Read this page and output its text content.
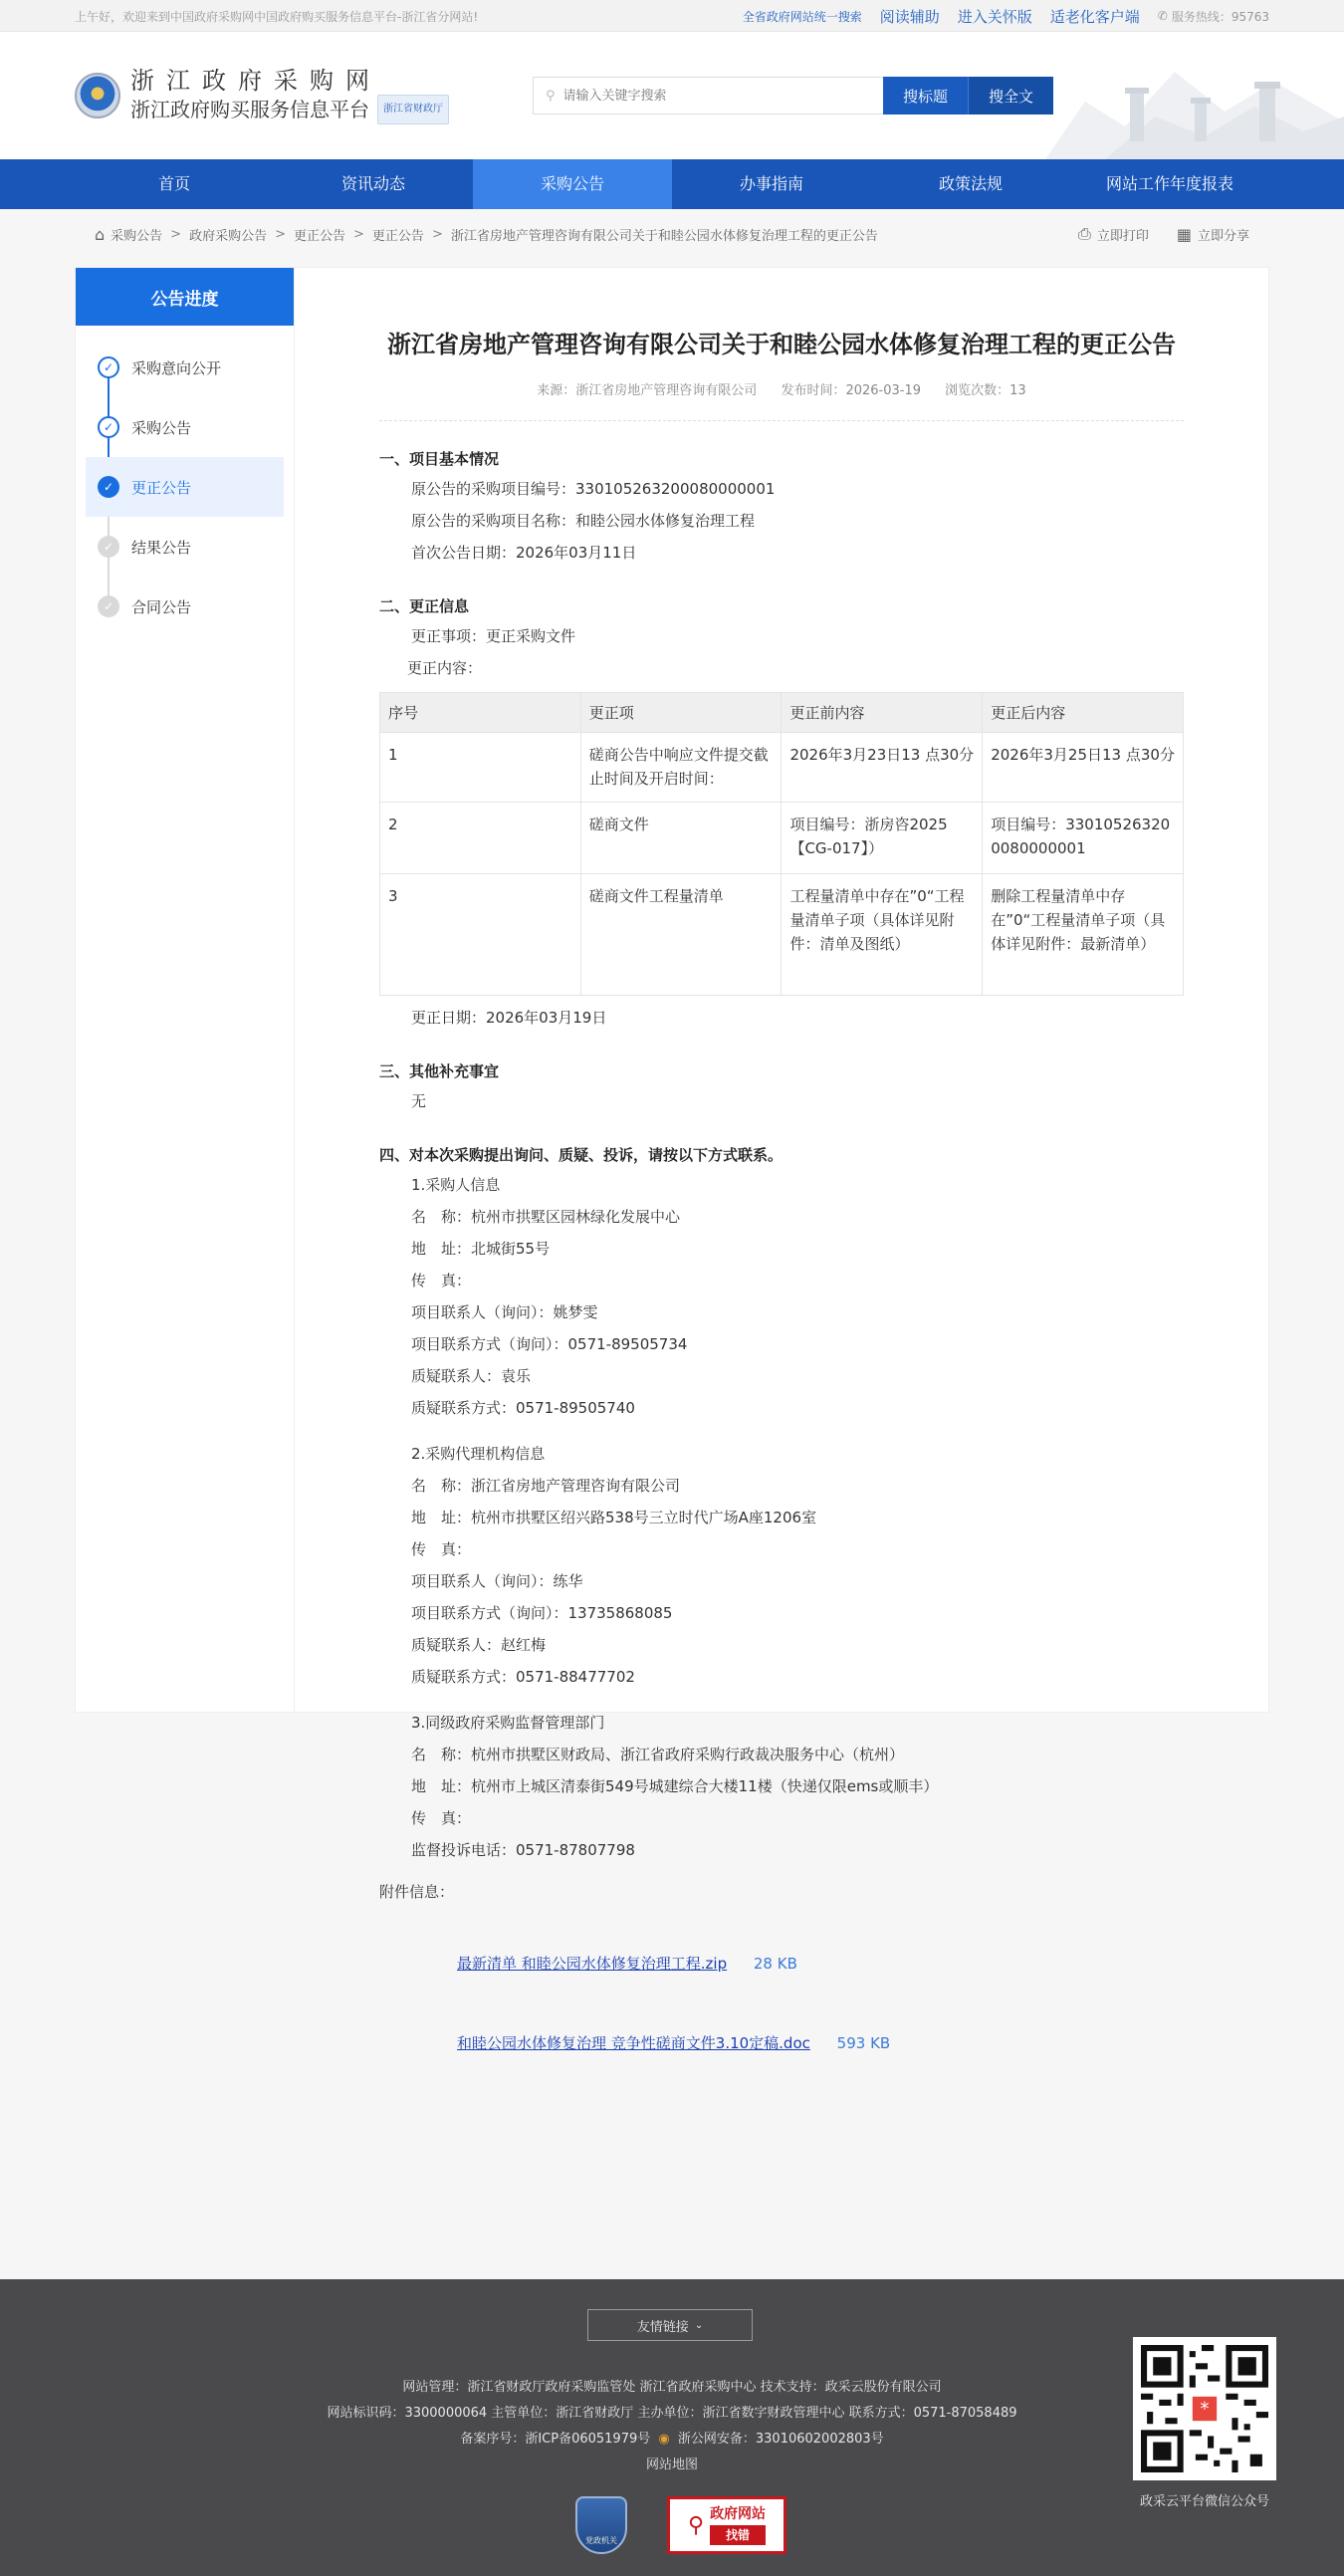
上午好，欢迎来到中国政府采购网中国政府购买服务信息平台-浙江省分网站!	全省政府网站统一搜索 阅读辅助 进入关怀版 适老化客户端 ✆ 服务热线：95763
浙江政府采购网
浙江政府购买服务信息平台	浙江省财政厅
⚲
请输入关键字搜索	搜标题	搜全文
首页	资讯动态	采购公告	办事指南	政策法规	网站工作年度报表
⌂ 采购公告 > 政府采购公告 > 更正公告 > 更正公告 > 浙江省房地产管理咨询有限公司关于和睦公园水体修复治理工程的更正公告	⎙ 立即打印 ▦ 立即分享
公告进度
✓	采购意向公开
✓	采购公告
✓	更正公告
✓	结果公告
✓	合同公告
浙江省房地产管理咨询有限公司关于和睦公园水体修复治理工程的更正公告
来源：浙江省房地产管理咨询有限公司 发布时间：2026-03-19 浏览次数：13
一、项目基本情况
原公告的采购项目编号：330105263200080000001
原公告的采购项目名称：和睦公园水体修复治理工程
首次公告日期：2026年03月11日
二、更正信息
更正事项：更正采购文件
更正内容：
序号	更正项	更正前内容	更正后内容
1	磋商公告中响应文件提交截止时间及开启时间：	2026年3月23日13 点30分	2026年3月25日13 点30分
2	磋商文件	项目编号：浙房咨2025【CG-017】）	项目编号：330105263200080000001
3	磋商文件工程量清单	工程量清单中存在”0“工程量清单子项（具体详见附件：清单及图纸）	删除工程量清单中存在”0“工程量清单子项（具体详见附件：最新清单）
更正日期：2026年03月19日
三、其他补充事宜
无
四、对本次采购提出询问、质疑、投诉，请按以下方式联系。
1.采购人信息
名　称：杭州市拱墅区园林绿化发展中心
地　址：北城街55号
传　真：
项目联系人（询问）：姚梦雯
项目联系方式（询问）：0571-89505734
质疑联系人：袁乐
质疑联系方式：0571-89505740
2.采购代理机构信息
名　称：浙江省房地产管理咨询有限公司
地　址：杭州市拱墅区绍兴路538号三立时代广场A座1206室
传　真：
项目联系人（询问）：练华
项目联系方式（询问）：13735868085
质疑联系人：赵红梅
质疑联系方式：0571-88477702
3.同级政府采购监督管理部门
名　称：杭州市拱墅区财政局、浙江省政府采购行政裁决服务中心（杭州）
地　址：杭州市上城区清泰街549号城建综合大楼11楼（快递仅限ems或顺丰）
传　真：
监督投诉电话：0571-87807798
附件信息：
最新清单 和睦公园水体修复治理工程.zip 28 KB
和睦公园水体修复治理 竞争性磋商文件3.10定稿.doc 593 KB
友情链接 ⌄
网站管理：浙江省财政厅政府采购监管处 浙江省政府采购中心 技术支持：政采云股份有限公司
网站标识码：3300000064 主管单位：浙江省财政厅 主办单位：浙江省数字财政管理中心 联系方式：0571-87058489
备案序号：浙ICP备06051979号 ◉ 浙公网安备：33010602002803号
网站地图
党政机关
⚲ 政府网站
找错
*
政采云平台微信公众号
